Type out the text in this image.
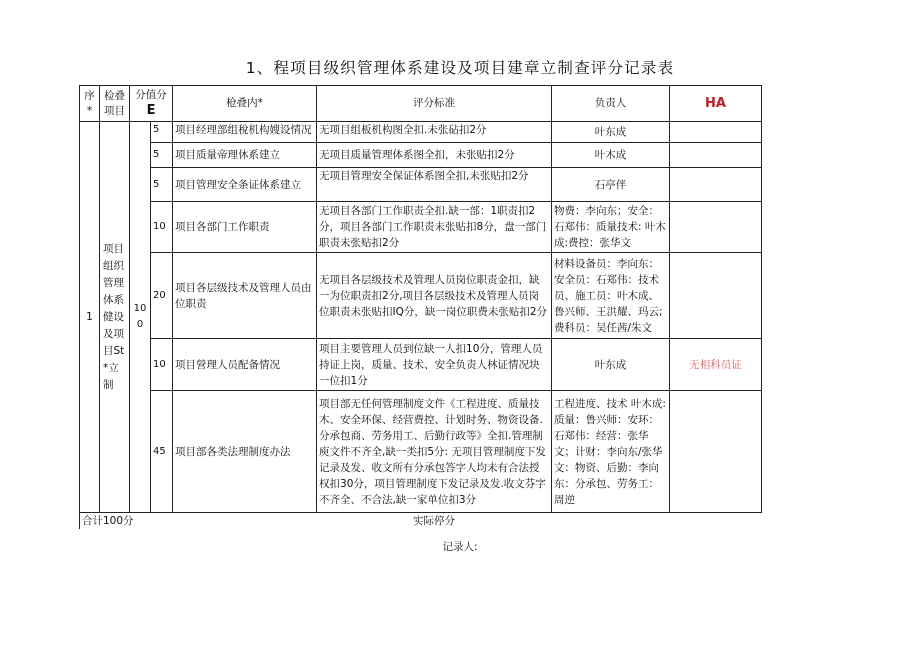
1、程项目级织管理体系建设及项目建章立制查评分记录表
序*	检叠项目	分值分E		枪叠内*	评分标准	负责人	HA
1	项目组织管理体系健设及项目St*立制	100	5	项目经理部组稅机构嫂设情况	无项目组板机构图全扣.未张砧扣2分	叶东成	
			5	项目质量帝理休系建立	无项目质量管理体系图全扣，未张贴扣2分	叶木成	
			5	项目管理安全条证体系建立	无项目管理安全保证体系图全扣,未张贴扣2分	石亭伴	
			10	项目各部门工作职责	无项目各部门工作职责全扣.缺一部：1职责扣2分，项目各部门工作职责未张贴扣8分，盘一部门职责未张贴扣2分	物费：李向东；安全：石郑伟：质量技术: 叶木成:费控：张华文	
			20	项目各层级技术及管理人员由位职责	无项目各层级技术及管理人员岗位职责金扣，缺一为位职责扣2分,项目各层级技术及管理人员岗位职责未张贴扣IQ分，缺一岗位职费未张贴扣2分	材料设备员：李向东：安全员：石郑伟：技术员、施工员：叶木成、鲁兴师、王洪耀、玛云;费科员：吴任茜/朱文	
			10	项目營理人员配备情况	项目主要管理人员到位缺一人扣10分，管理人员持证上岗，质量、技术、安全负责人林证情况块一位扣1分	叶东成	无相科员证
			45	项目部各类法理制度办法	项目部无任何管理制度文件《工程进度、质量技木、安全环保、经营费控、计划时务、物资设备.分承包商、劳务用工、后勤行政等》全扣.管理制庾文件不齐全,缺一类扣5分: 无项目管理制度下发记录及发、收文所有分承包答字人均未有合法授权扣30分，项目管理制度下发记录及发.收文芬字不齐全、不合法,缺一家单位扣3分	工程进度、技术 叶木成:质量：鲁兴师：安环：石郑伟：经营：张华文；计财：李向东/张华文：物资、后勤：李向东：分承包、劳务工：周逆	
合计100分					实际停分		
记录人:
